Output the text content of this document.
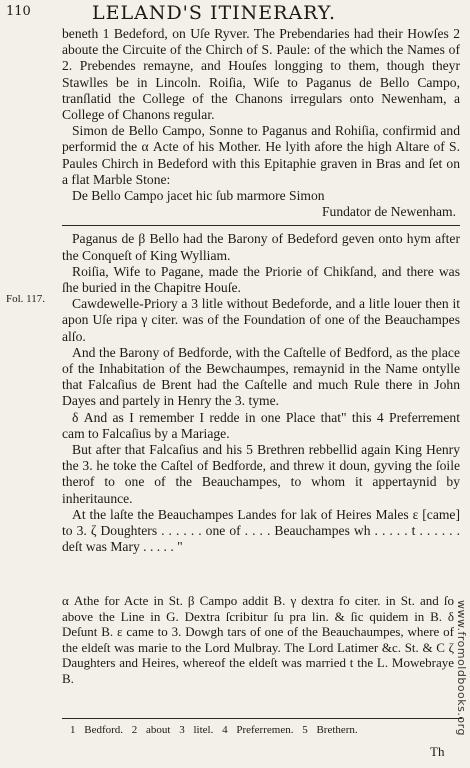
110	LELAND'S ITINERARY.

beneth 1 Bedeford, on Uſe Ryver. The Prebendaries had their Howſes 2 aboute the Circuite of the Chirch of S. Paule: of the which the Names of 2. Prebendes remayne, and Houſes longging to them, though theyr Stawlles be in Lincoln. Roiſia, Wiſe to Paganus de Bello Campo, tranſlatid the College of the Chanons irregulars onto Newenham, a College of Chanons regular.

Simon de Bello Campo, Sonne to Paganus and Rohiſia, confirmid and performid the α Acte of his Mother. He lyith afore the high Altare of S. Paules Chirch in Bedeford with this Epitaphie graven in Bras and ſet on a flat Marble Stone:

De Bello Campo jacet hic ſub marmore Simon

Fundator de Newenham.

Paganus de β Bello had the Barony of Bedeford geven onto hym after the Conqueſt of King Wylliam.

Roiſia, Wife to Pagane, made the Priorie of Chikſand, and there was ſhe buried in the Chapitre Houſe.

Cawdewelle-Priory a 3 litle without Bedeforde, and a litle louer then it apon Uſe ripa γ citer. was of the Foundation of one of the Beauchampes alſo.

And the Barony of Bedforde, with the Caſtelle of Bedford, as the place of the Inhabitation of the Bewchaumpes, remaynid in the Name ontylle that Falcaſius de Brent had the Caſtelle and much Rule there in John Dayes and partely in Henry the 3. tyme.

δ And as I remember I redde in one Place that" this 4 Preferrement cam to Falcaſius by a Mariage.

But after that Falcaſius and his 5 Brethren rebbellid again King Henry the 3. he toke the Caſtel of Bedforde, and threw it doun, gyving the ſoile therof to one of the Beauchampes, to whom it appertaynid by inheritaunce.

At the laſte the Beauchampes Landes for lak of Heires Males ε [came] to 3. ζ Doughters . . . . . . one of . . . . Beauchampes wh . . . . . t . . . . . . deſt was Mary . . . . . "

Fol. 117.

α Athe for Acte in St. β Campo addit B. γ dextra fo citer. in St. and ſo above the Line in G. Dextra ſcribitur ſu pra lin. & ſic quidem in B. δ Deſunt B. ε came to 3. Dowgh tars of one of the Beauchaumpes, where of the eldeſt was marie to the Lord Mulbray. The Lord Latimer &c. St. & C ζ Daughters and Heires, whereof the eldeſt was married t the L. Mowebraye B.

1 Bedford. 2 about 3 litel. 4 Preferremen. 5 Brethern.
Th
www.fromoldbooks.org
